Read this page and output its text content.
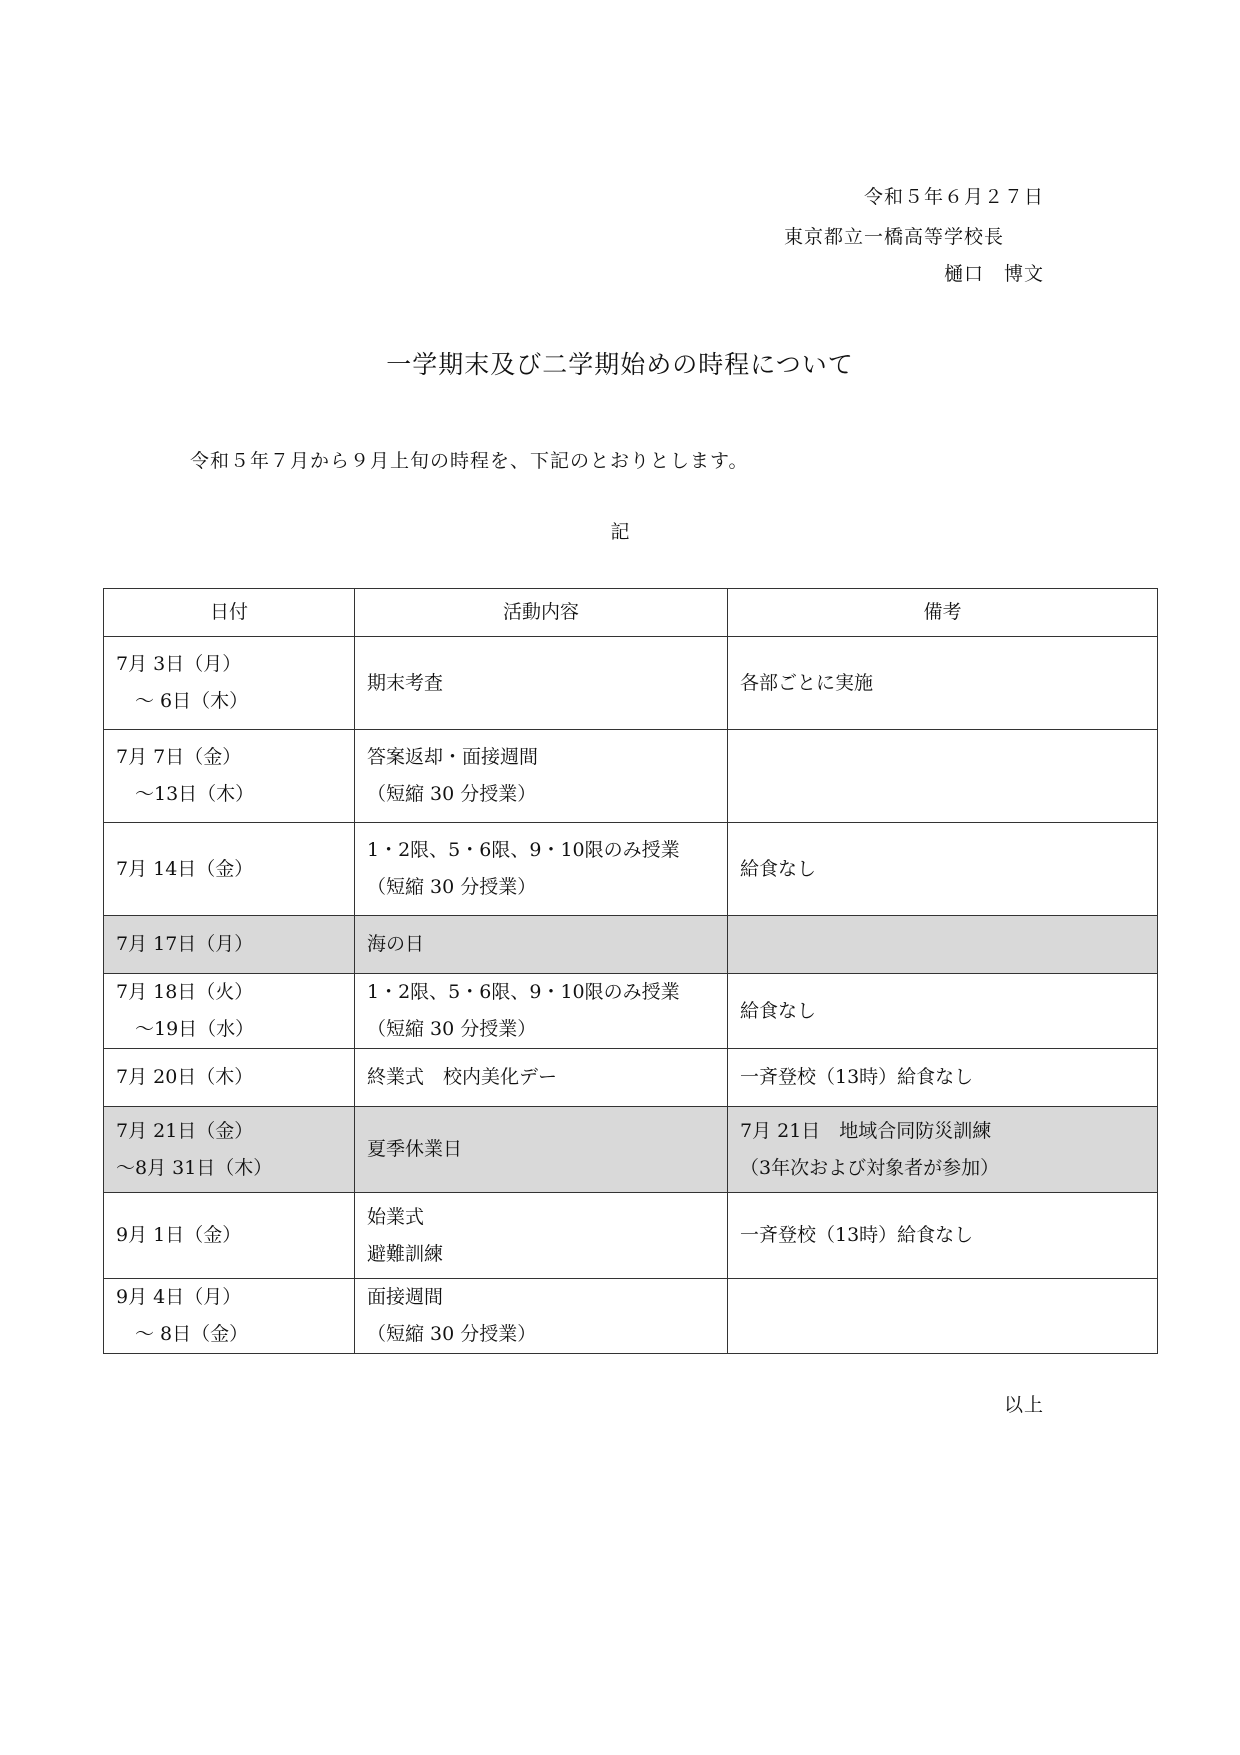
令和５年６月２７日
東京都立一橋高等学校長
樋口　博文
一学期末及び二学期始めの時程について
令和５年７月から９月上旬の時程を、下記のとおりとします。
記
日付	活動内容	備考

7月 3日（月）
　～ 6日（木）	期末考査	各部ごとに実施

7月 7日（金）
　～13日（木）	答案返却・面接週間
（短縮 30 分授業）	

7月 14日（金）	1・2限、5・6限、9・10限のみ授業
（短縮 30 分授業）	給食なし

7月 17日（月）	海の日	

7月 18日（火）
　～19日（水）	1・2限、5・6限、9・10限のみ授業
（短縮 30 分授業）	給食なし

7月 20日（木）	終業式　校内美化デー	一斉登校（13時）給食なし

7月 21日（金）
～8月 31日（木）	夏季休業日	7月 21日　地域合同防災訓練
（3年次および対象者が参加）

9月 1日（金）	始業式
避難訓練	一斉登校（13時）給食なし

9月 4日（月）
　～ 8日（金）	面接週間
（短縮 30 分授業）	

以上
